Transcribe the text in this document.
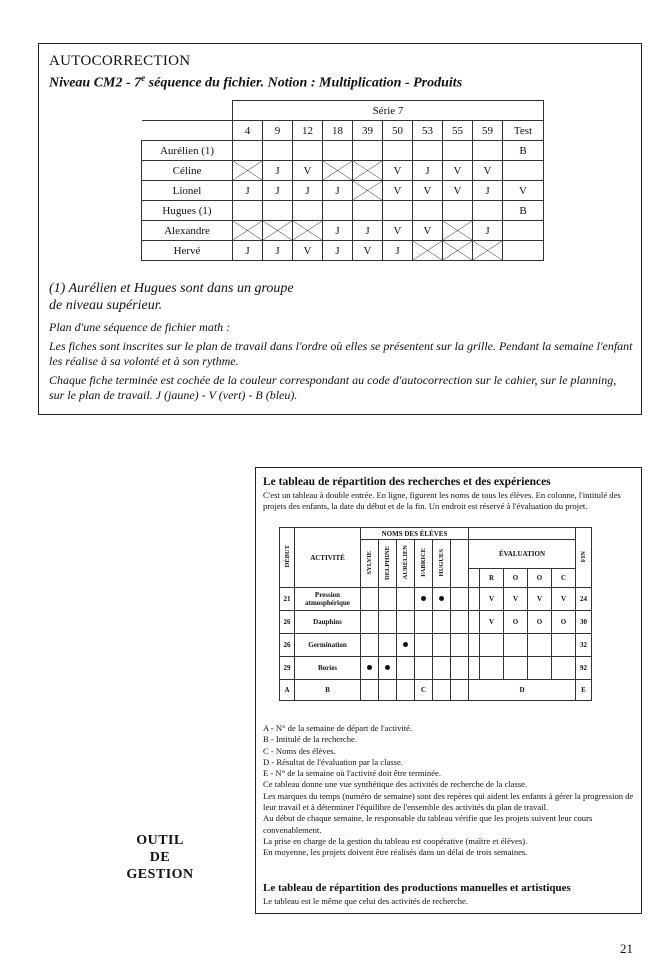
AUTOCORRECTION
Niveau CM2 - 7e séquence du fichier. Notion : Multiplication - Produits
	Série 7									
	4	9	12	18	39	50	53	55	59	Test
Aurélien (1)										B
Céline		J	V			V	J	V	V	
Lionel	J	J	J	J		V	V	V	J	V
Hugues (1)										B
Alexandre				J	J	V	V		J	
Hervé	J	J	V	J	V	J	

(1) Aurélien et Hugues sont dans un groupe
de niveau supérieur.

Plan d'une séquence de fichier math :

Les fiches sont inscrites sur le plan de travail dans l'ordre où elles se présentent sur la grille. Pendant la semaine l'enfant les réalise à sa volonté et à son rythme.

Chaque fiche terminée est cochée de la couleur correspondant au code d'autocorrection sur le cahier, sur le planning, sur le plan de travail. J (jaune) - V (vert) - B (bleu).

OUTIL
DE
GESTION
Le tableau de répartition des recherches et des expériences
C'est un tableau à double entrée. En ligne, figurent les noms de tous les élèves. En colonne, l'intitulé des projets des enfants, la date du début et de la fin. Un endroit est réservé à l'évaluation du projet.
DÉBUT	ACTIVITÉ	NOMS DES ÉLÈVES											FIN
		SYLVIE	DELPHINE	AURÉLIEN	FABRICE	HUGUES		ÉVALUATION					
									R	O	O	C	
21	Pression atmosphérique								V	V	V	V	24
26	Dauphins								V	O	O	O	30
26	Germination												32
29	Bories												92
A	B				C			D					E

A - N° de la semaine de départ de l'activité.

B - Intitulé de la recherche.

C - Noms des élèves.

D - Résultat de l'évaluation par la classe.

E - N° de la semaine où l'activité doit être terminée.

Ce tableau donne une vue synthétique des activités de recherche de la classe.

Les marques du temps (numéro de semaine) sont des repères qui aident les enfants à gérer la progression de leur travail et à déterminer l'équilibre de l'ensemble des activités du plan de travail.

Au début de chaque semaine, le responsable du tableau vérifie que les projets suivent leur cours convenablement.

La prise en charge de la gestion du tableau est coopérative (maître et élèves).

En moyenne, les projets doivent être réalisés dans un délai de trois semaines.

Le tableau de répartition des productions manuelles et artistiques
Le tableau est le même que celui des activités de recherche.
21
